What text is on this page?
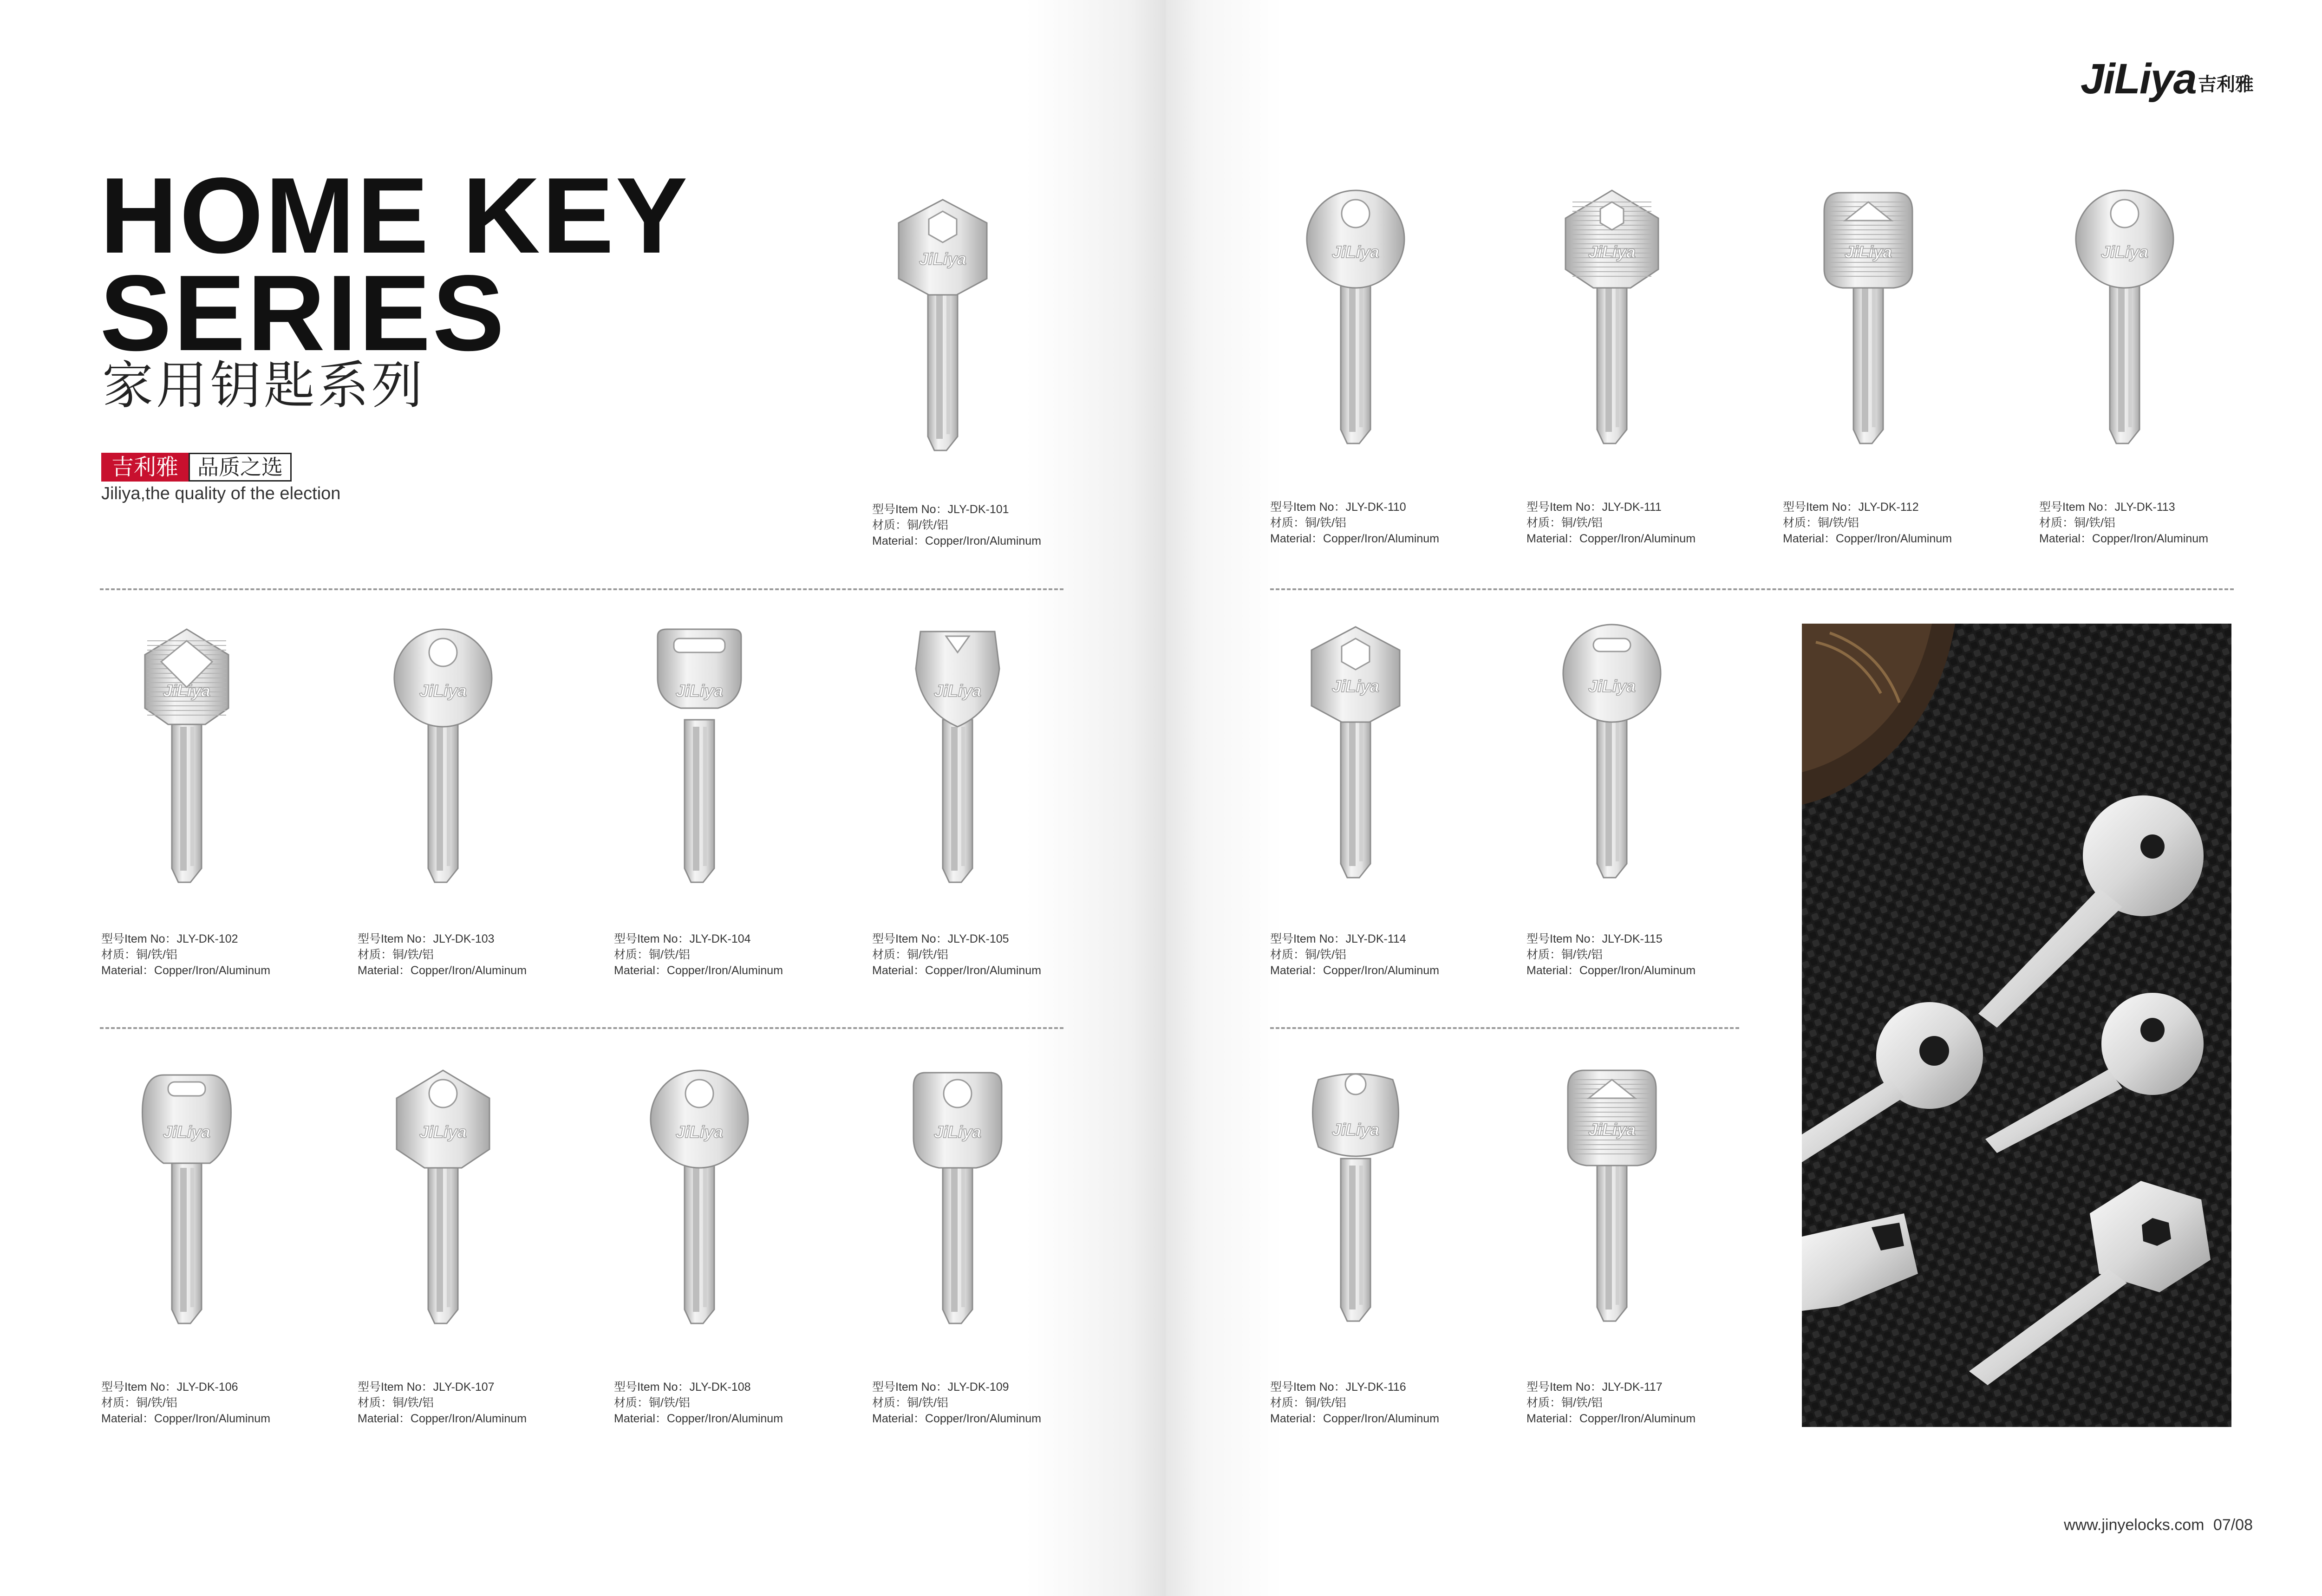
HOME KEY
SERIES
家用钥匙系列
吉利雅 品质之选
Jiliya,the quality of the election
JiLiya 吉利雅
JiLiya
型号Item No：JLY-DK-101
材质：铜/铁/铝
Material：Copper/Iron/Aluminum
JiLiya
型号Item No：JLY-DK-102
材质：铜/铁/铝
Material：Copper/Iron/Aluminum
JiLiya
型号Item No：JLY-DK-103
材质：铜/铁/铝
Material：Copper/Iron/Aluminum
JiLiya
型号Item No：JLY-DK-104
材质：铜/铁/铝
Material：Copper/Iron/Aluminum
JiLiya
型号Item No：JLY-DK-105
材质：铜/铁/铝
Material：Copper/Iron/Aluminum
JiLiya
型号Item No：JLY-DK-106
材质：铜/铁/铝
Material：Copper/Iron/Aluminum
JiLiya
型号Item No：JLY-DK-107
材质：铜/铁/铝
Material：Copper/Iron/Aluminum
JiLiya
型号Item No：JLY-DK-108
材质：铜/铁/铝
Material：Copper/Iron/Aluminum
JiLiya
型号Item No：JLY-DK-109
材质：铜/铁/铝
Material：Copper/Iron/Aluminum
JiLiya
型号Item No：JLY-DK-110
材质：铜/铁/铝
Material：Copper/Iron/Aluminum
JiLiya
型号Item No：JLY-DK-111
材质：铜/铁/铝
Material：Copper/Iron/Aluminum
JiLiya
型号Item No：JLY-DK-112
材质：铜/铁/铝
Material：Copper/Iron/Aluminum
JiLiya
型号Item No：JLY-DK-113
材质：铜/铁/铝
Material：Copper/Iron/Aluminum
JiLiya
型号Item No：JLY-DK-114
材质：铜/铁/铝
Material：Copper/Iron/Aluminum
JiLiya
型号Item No：JLY-DK-115
材质：铜/铁/铝
Material：Copper/Iron/Aluminum
JiLiya
型号Item No：JLY-DK-116
材质：铜/铁/铝
Material：Copper/Iron/Aluminum
JiLiya
型号Item No：JLY-DK-117
材质：铜/铁/铝
Material：Copper/Iron/Aluminum
www.jinyelocks.com 07/08
